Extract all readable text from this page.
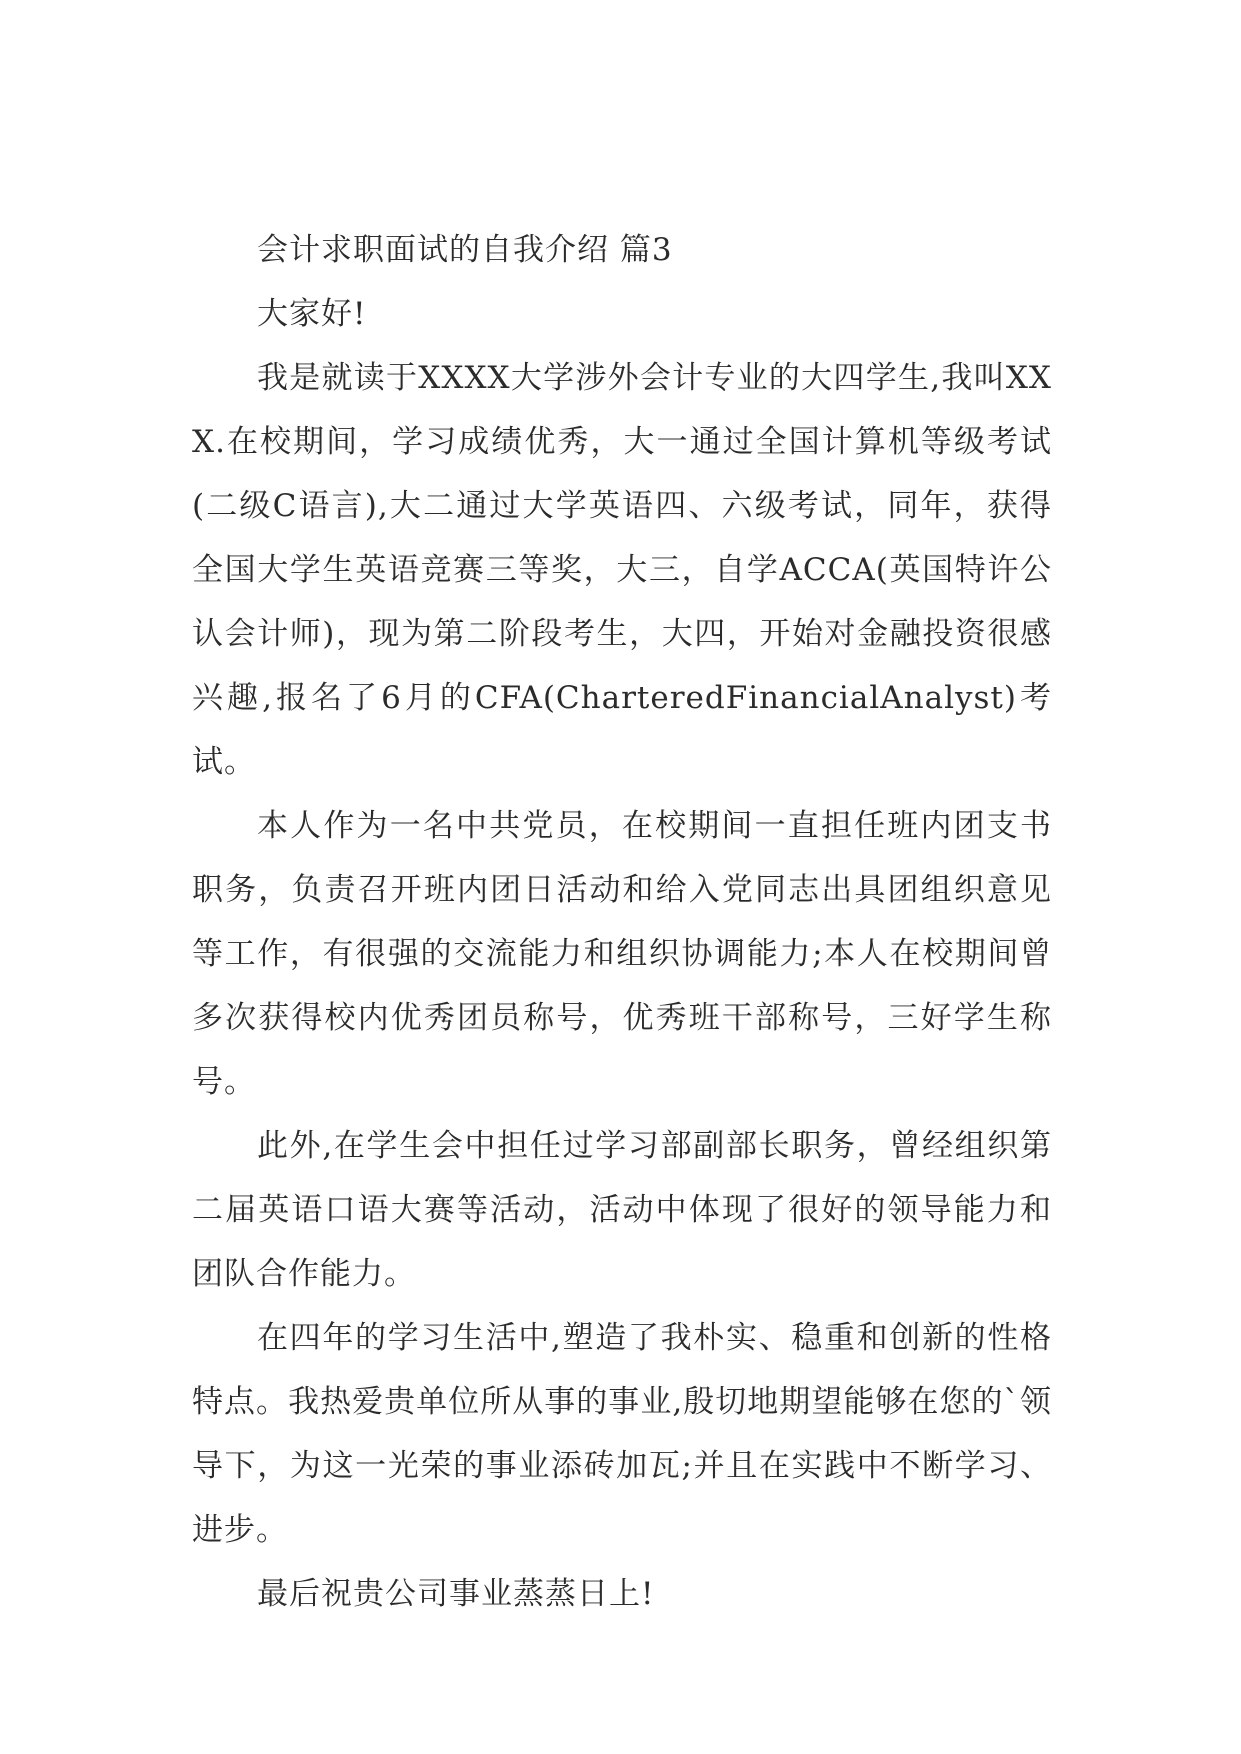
会计求职面试的自我介绍 篇3

大家好!

我是就读于XXXX大学涉外会计专业的大四学生,我叫XXX.在校期间，学习成绩优秀，大一通过全国计算机等级考试(二级C语言),大二通过大学英语四、六级考试，同年，获得全国大学生英语竞赛三等奖，大三，自学ACCA(英国特许公认会计师)，现为第二阶段考生，大四，开始对金融投资很感兴趣,报名了6月的CFA(CharteredFinancialAnalyst)考试。

本人作为一名中共党员，在校期间一直担任班内团支书职务，负责召开班内团日活动和给入党同志出具团组织意见等工作，有很强的交流能力和组织协调能力;本人在校期间曾多次获得校内优秀团员称号，优秀班干部称号，三好学生称号。

此外,在学生会中担任过学习部副部长职务，曾经组织第二届英语口语大赛等活动，活动中体现了很好的领导能力和团队合作能力。

在四年的学习生活中,塑造了我朴实、稳重和创新的性格特点。我热爱贵单位所从事的事业,殷切地期望能够在您的`领导下，为这一光荣的事业添砖加瓦;并且在实践中不断学习、进步。

最后祝贵公司事业蒸蒸日上!
